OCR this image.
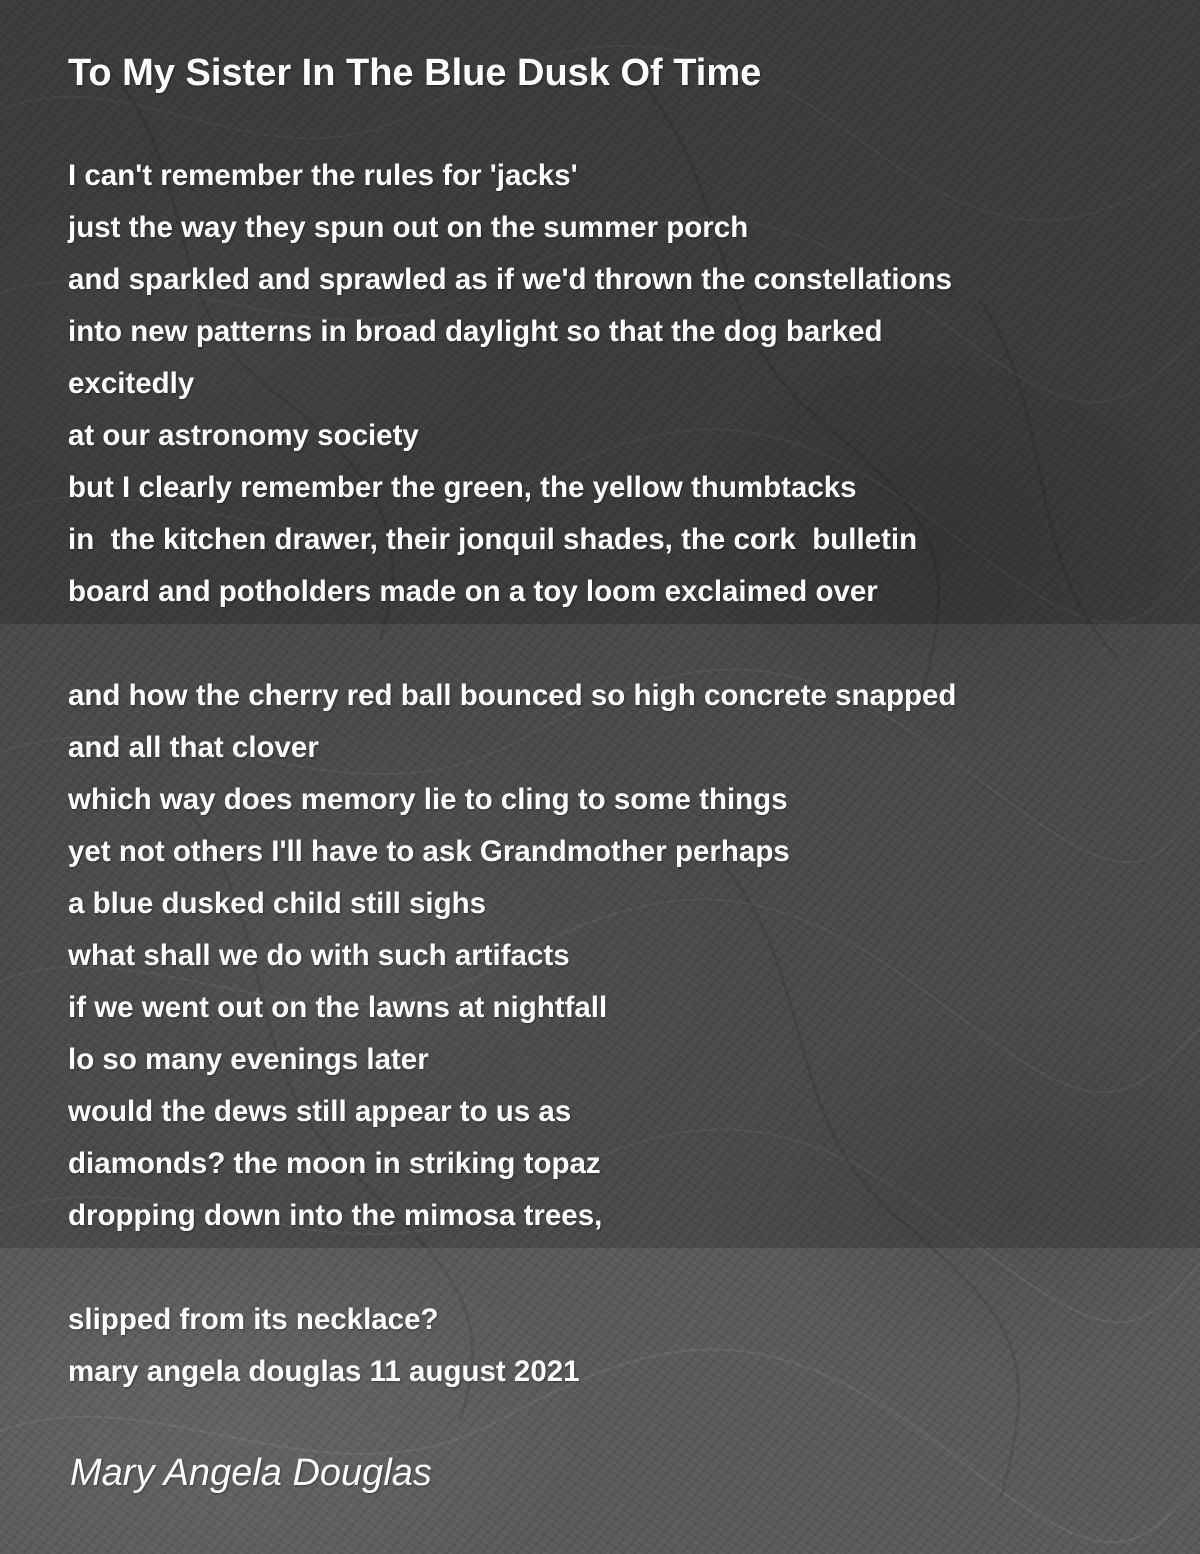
To My Sister In The Blue Dusk Of Time
I can't remember the rules for 'jacks'
just the way they spun out on the summer porch
and sparkled and sprawled as if we'd thrown the constellations
into new patterns in broad daylight so that the dog barked
excitedly
at our astronomy society
but I clearly remember the green, the yellow thumbtacks
in  the kitchen drawer, their jonquil shades, the cork  bulletin
board and potholders made on a toy loom exclaimed over
and how the cherry red ball bounced so high concrete snapped
and all that clover
which way does memory lie to cling to some things
yet not others I'll have to ask Grandmother perhaps
a blue dusked child still sighs
what shall we do with such artifacts
if we went out on the lawns at nightfall
lo so many evenings later
would the dews still appear to us as
diamonds? the moon in striking topaz
dropping down into the mimosa trees,
slipped from its necklace?
mary angela douglas 11 august 2021
Mary Angela Douglas
